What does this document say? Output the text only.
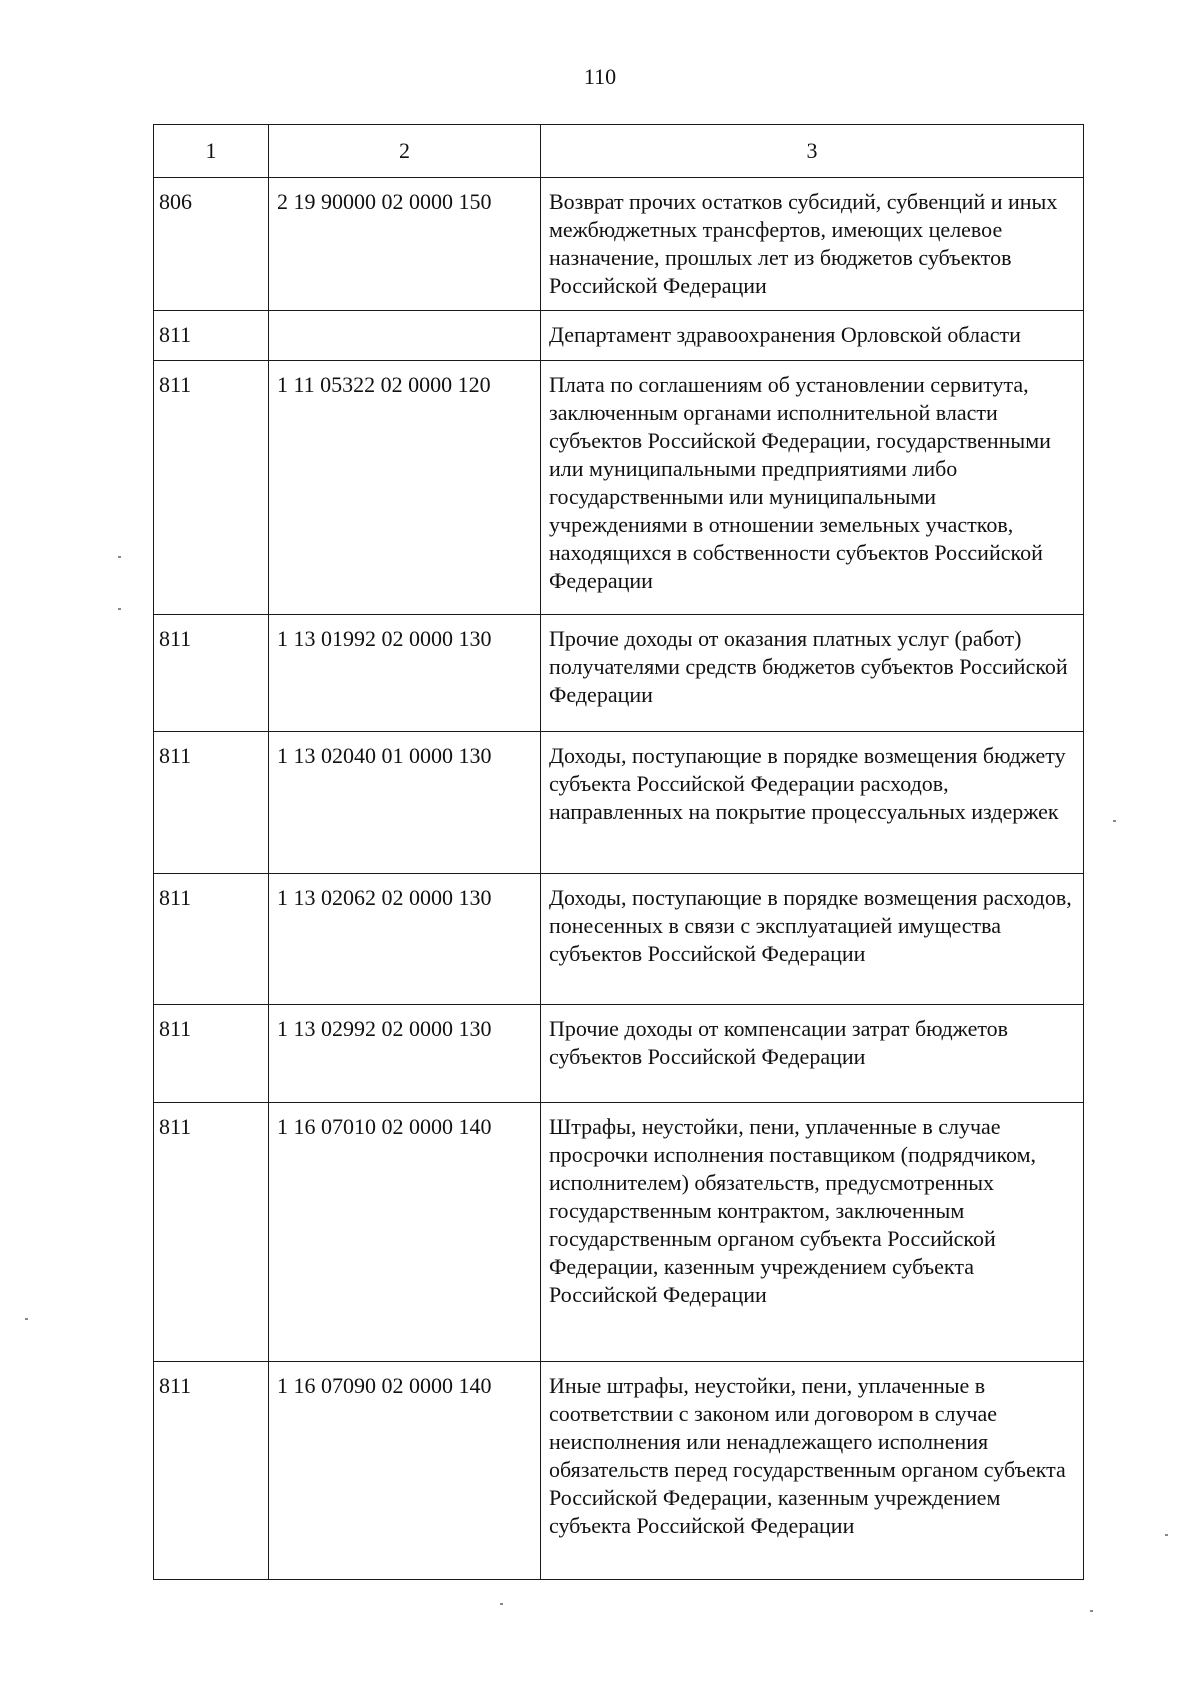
110
1	2	3
806	2 19 90000 02 0000 150	Возврат прочих остатков субсидий, субвенций и иных межбюджетных трансфертов, имеющих целевое назначение, прошлых лет из бюджетов субъектов Российской Федерации
811		Департамент здравоохранения Орловской области
811	1 11 05322 02 0000 120	Плата по соглашениям об установлении сервитута, заключенным органами исполнительной власти субъектов Российской Федерации, государственными или муниципальными предприятиями либо государственными или муниципальными учреждениями в отношении земельных участков, находящихся в собственности субъектов Российской Федерации
811	1 13 01992 02 0000 130	Прочие доходы от оказания платных услуг (работ) получателями средств бюджетов субъектов Российской Федерации
811	1 13 02040 01 0000 130	Доходы, поступающие в порядке возмещения бюджету субъекта Российской Федерации расходов, направленных на покрытие процессуальных издержек
811	1 13 02062 02 0000 130	Доходы, поступающие в порядке возмещения расходов, понесенных в связи с эксплуатацией имущества субъектов Российской Федерации
811	1 13 02992 02 0000 130	Прочие доходы от компенсации затрат бюджетов субъектов Российской Федерации
811	1 16 07010 02 0000 140	Штрафы, неустойки, пени, уплаченные в случае просрочки исполнения поставщиком (подрядчиком, исполнителем) обязательств, предусмотренных государственным контрактом, заключенным государственным органом субъекта Российской Федерации, казенным учреждением субъекта Российской Федерации
811	1 16 07090 02 0000 140	Иные штрафы, неустойки, пени, уплаченные в соответствии с законом или договором в случае неисполнения или ненадлежащего исполнения обязательств перед государственным органом субъекта Российской Федерации, казенным учреждением субъекта Российской Федерации
